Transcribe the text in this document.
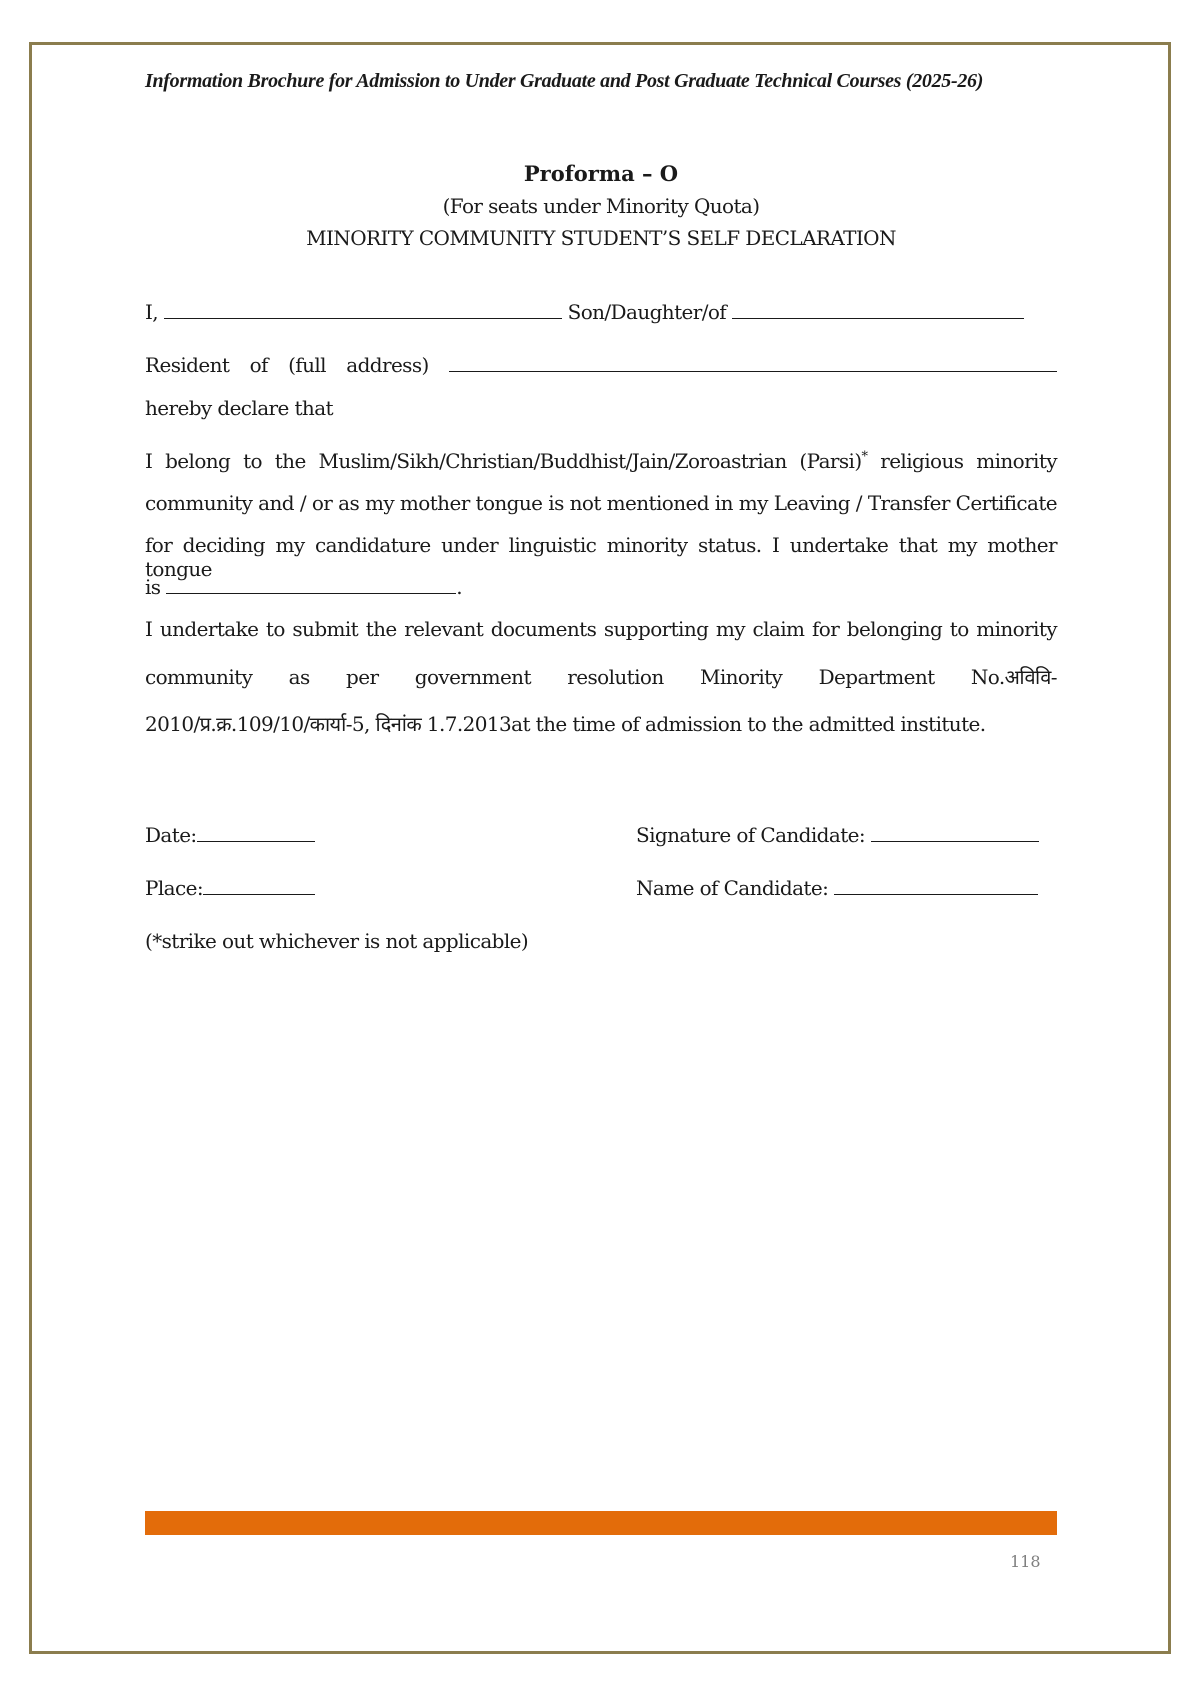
Information Brochure for Admission to Under Graduate and Post Graduate Technical Courses (2025-26)
Proforma – O
(For seats under Minority Quota)
MINORITY COMMUNITY STUDENT’S SELF DECLARATION
I,	Son/Daughter/of
Resident of (full address)
hereby declare that
I belong to the Muslim/Sikh/Christian/Buddhist/Jain/Zoroastrian (Parsi)* religious minority
community and / or as my mother tongue is not mentioned in my Leaving / Transfer Certificate
for deciding my candidature under linguistic minority status. I undertake that my mother tongue
is	.
I undertake to submit the relevant documents supporting my claim for belonging to minority
community as per government resolution Minority Department No.अविवि-
2010/प्र.क्र.109/10/कार्या-5, दिनांक 1.7.2013at the time of admission to the admitted institute.
Date:
Place:
Signature of Candidate:
Name of Candidate:
(*strike out whichever is not applicable)
118
